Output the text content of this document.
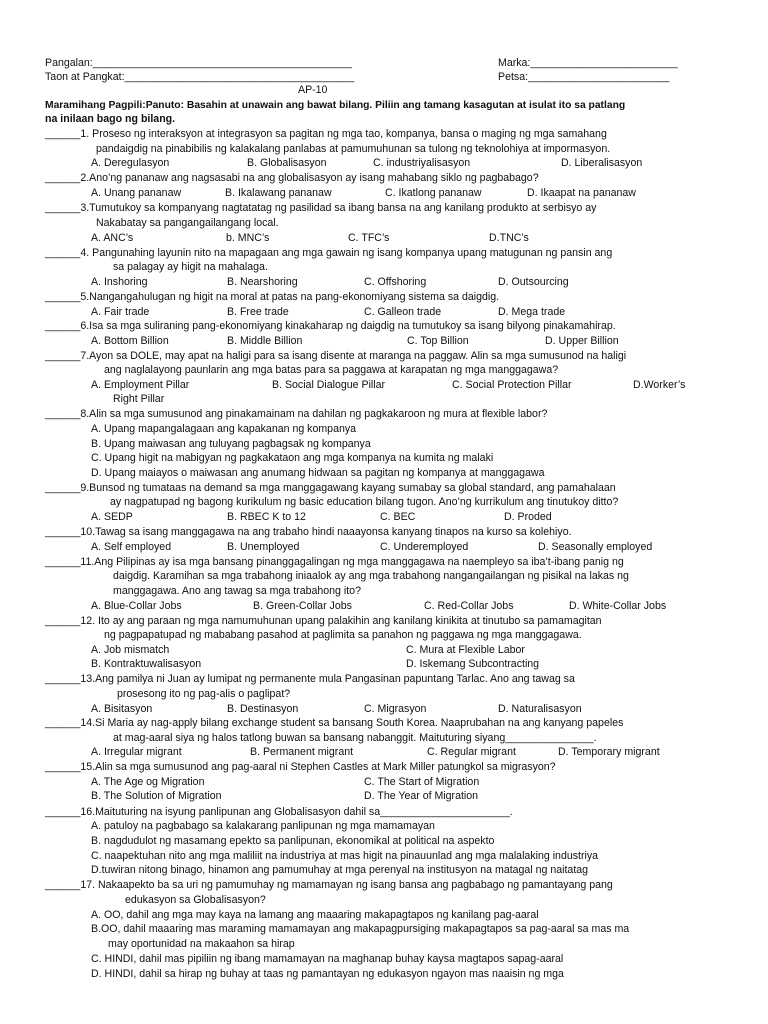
Pangalan:____________________________________________	Marka:_________________________
Taon at Pangkat:_______________________________________	Petsa:________________________
AP-10
Maramihang Pagpili:Panuto: Basahin at unawain ang bawat bilang. Piliin ang tamang kasagutan at isulat ito sa patlang
na inilaan bago ng bilang.
______1. Proseso ng interaksyon at integrasyon sa pagitan ng mga tao, kompanya, bansa o maging ng mga samahang
pandaigdig na pinabibilis ng kalakalang panlabas at pamumuhunan sa tulong ng teknolohiya at impormasyon.
A. Deregulasyon	B. Globalisasyon	C. industriyalisasyon	D. Liberalisasyon
______2.Ano’ng pananaw ang nagsasabi na ang globalisasyon ay isang mahabang siklo ng pagbabago?
A. Unang pananaw	B. Ikalawang pananaw	C. Ikatlong pananaw	D. Ikaapat na pananaw
______3.Tumutukoy sa kompanyang nagtatatag ng pasilidad sa ibang bansa na ang kanilang produkto at serbisyo ay
Nakabatay sa pangangailangang local.
A. ANC’s	b. MNC’s	C. TFC’s	D.TNC’s
______4. Pangunahing layunin nito na mapagaan ang mga gawain ng isang kompanya upang matugunan ng pansin ang
sa palagay ay higit na mahalaga.
A. Inshoring	B. Nearshoring	C. Offshoring	D. Outsourcing
______5.Nangangahulugan ng higit na moral at patas na pang-ekonomiyang sistema sa daigdig.
A. Fair trade	B. Free trade	C. Galleon trade	D. Mega trade
______6.Isa sa mga suliraning pang-ekonomiyang kinakaharap ng daigdig na tumutukoy sa isang bilyong pinakamahirap.
A. Bottom Billion	B. Middle Billion	C. Top Billion	D. Upper Billion
______7.Ayon sa DOLE, may apat na haligi para sa isang disente at maranga na paggaw. Alin sa mga sumusunod na haligi
ang naglalayong paunlarin ang mga batas para sa paggawa at karapatan ng mga manggagawa?
A. Employment Pillar	B. Social Dialogue Pillar	C. Social Protection Pillar	D.Worker’s
Right Pillar
______8.Alin sa mga sumusunod ang pinakamainam na dahilan ng pagkakaroon ng mura at flexible labor?
A. Upang mapangalagaan ang kapakanan ng kompanya
B. Upang maiwasan ang tuluyang pagbagsak ng kompanya
C. Upang higit na mabigyan ng pagkakataon ang mga kompanya na kumita ng malaki
D. Upang maiayos o maiwasan ang anumang hidwaan sa pagitan ng kompanya at manggagawa
______9.Bunsod ng tumataas na demand sa mga manggagawang kayang sumabay sa global standard, ang pamahalaan
ay nagpatupad ng bagong kurikulum ng basic education bilang tugon. Ano’ng kurrikulum ang tinutukoy ditto?
A. SEDP	B. RBEC K to 12	C. BEC	D. Proded
______10.Tawag sa isang manggagawa na ang trabaho hindi naaayonsa kanyang tinapos na kurso sa kolehiyo.
A. Self employed	B. Unemployed	C. Underemployed	D. Seasonally employed
______11.Ang Pilipinas ay isa mga bansang pinanggagalingan ng mga manggagawa na naempleyo sa iba’t-ibang panig ng
daigdig. Karamihan sa mga trabahong iniaalok ay ang mga trabahong nangangailangan ng pisikal na lakas ng
manggagawa. Ano ang tawag sa mga trabahong ito?
A. Blue-Collar Jobs	B. Green-Collar Jobs	C. Red-Collar Jobs	D. White-Collar Jobs
______12. Ito ay ang paraan ng mga namumuhunan upang palakihin ang kanilang kinikita at tinutubo sa pamamagitan
ng pagpapatupad ng mababang pasahod at paglimita sa panahon ng paggawa ng mga manggagawa.
A. Job mismatch	C. Mura at Flexible Labor
B. Kontraktuwalisasyon	D. Iskemang Subcontracting
______13.Ang pamilya ni Juan ay lumipat ng permanente mula Pangasinan papuntang Tarlac. Ano ang tawag sa
prosesong ito ng pag-alis o paglipat?
A. Bisitasyon	B. Destinasyon	C. Migrasyon	D. Naturalisasyon
______14.Si Maria ay nag-apply bilang exchange student sa bansang South Korea. Naaprubahan na ang kanyang papeles
at mag-aaral siya ng halos tatlong buwan sa bansang nabanggit. Maituturing siyang_______________.
A. Irregular migrant	B. Permanent migrant	C. Regular migrant	D. Temporary migrant
______15.Alin sa mga sumusunod ang pag-aaral ni Stephen Castles at Mark Miller patungkol sa migrasyon?
A. The Age og Migration	C. The Start of Migration
B. The Solution of Migration	D. The Year of Migration
______16.Maituturing na isyung panlipunan ang Globalisasyon dahil sa______________________.
A. patuloy na pagbabago sa kalakarang panlipunan ng mga mamamayan
B. nagdudulot ng masamang epekto sa panlipunan, ekonomikal at political na aspekto
C. naapektuhan nito ang mga maliliit na industriya at mas higit na pinauunlad ang mga malalaking industriya
D.tuwiran nitong binago, hinamon ang pamumuhay at mga perenyal na institusyon na matagal ng naitatag
______17. Nakaapekto ba sa uri ng pamumuhay ng mamamayan ng isang bansa ang pagbabago ng pamantayang pang
edukasyon sa Globalisasyon?
A. OO, dahil ang mga may kaya na lamang ang maaaring makapagtapos ng kanilang pag-aaral
B.OO, dahil maaaring mas maraming mamamayan ang makapagpursiging makapagtapos sa pag-aaral sa mas ma
may oportunidad na makaahon sa hirap
C. HINDI, dahil mas pipiliin ng ibang mamamayan na maghanap buhay kaysa magtapos sapag-aaral
D. HINDI, dahil sa hirap ng buhay at taas ng pamantayan ng edukasyon ngayon mas naaisin ng mga
